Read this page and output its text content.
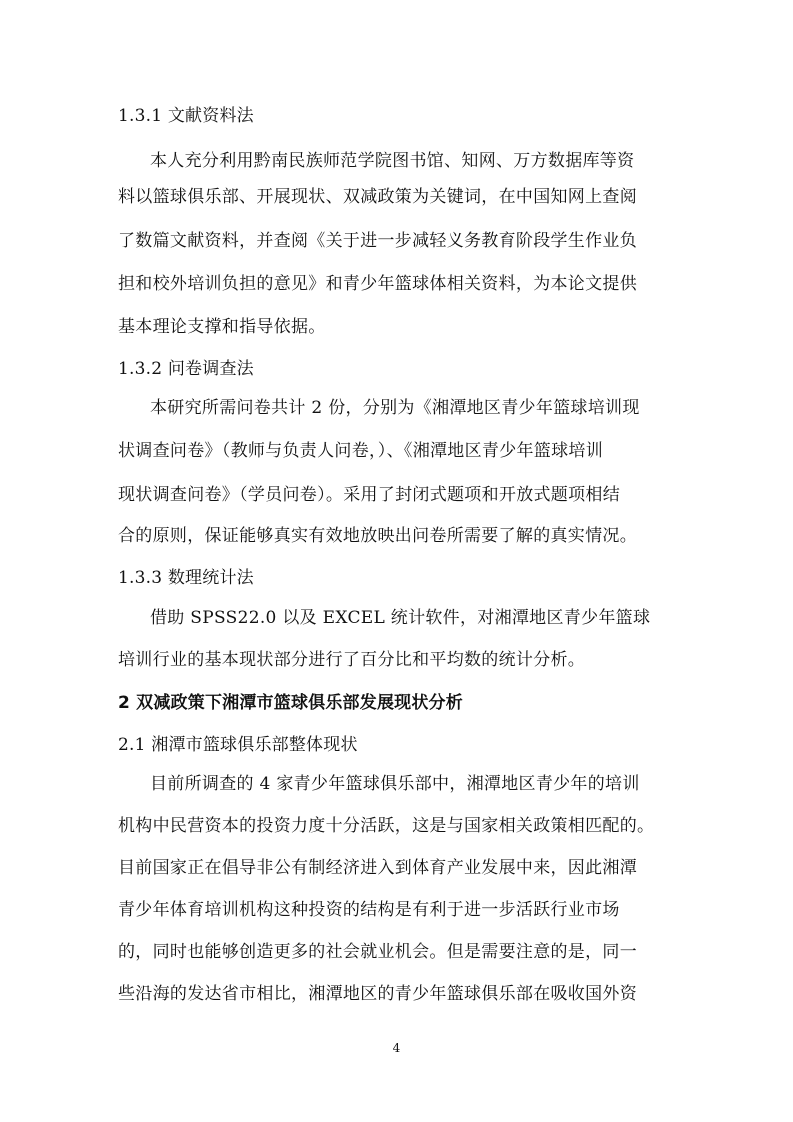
1.3.1 文献资料法
本人充分利用黔南民族师范学院图书馆、知网、万方数据库等资
料以篮球俱乐部、开展现状、双减政策为关键词，在中国知网上查阅
了数篇文献资料，并查阅《关于进一步减轻义务教育阶段学生作业负
担和校外培训负担的意见》和青少年篮球体相关资料，为本论文提供
基本理论支撑和指导依据。
1.3.2 问卷调查法
本研究所需问卷共计 2 份，分别为《湘潭地区青少年篮球培训现
状调查问卷》（教师与负责人问卷，）、《湘潭地区青少年篮球培训
现状调查问卷》（学员问卷）。采用了封闭式题项和开放式题项相结
合的原则，保证能够真实有效地放映出问卷所需要了解的真实情况。
1.3.3 数理统计法
借助 SPSS22.0 以及 EXCEL 统计软件，对湘潭地区青少年篮球
培训行业的基本现状部分进行了百分比和平均数的统计分析。
2 双减政策下湘潭市篮球俱乐部发展现状分析
2.1 湘潭市篮球俱乐部整体现状
目前所调查的 4 家青少年篮球俱乐部中，湘潭地区青少年的培训
机构中民营资本的投资力度十分活跃，这是与国家相关政策相匹配的。
目前国家正在倡导非公有制经济进入到体育产业发展中来，因此湘潭
青少年体育培训机构这种投资的结构是有利于进一步活跃行业市场
的，同时也能够创造更多的社会就业机会。但是需要注意的是，同一
些沿海的发达省市相比，湘潭地区的青少年篮球俱乐部在吸收国外资
4
